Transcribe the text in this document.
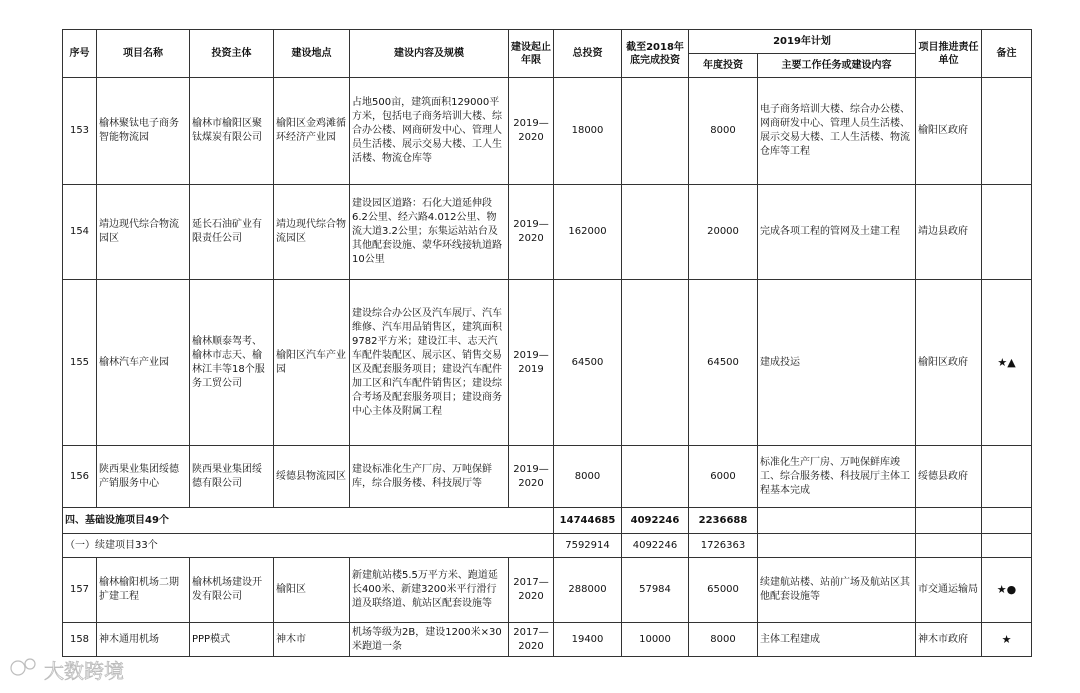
序号	项目名称	投资主体	建设地点	建设内容及规模	建设起止年限	总投资	截至2018年底完成投资	2019年计划		项目推进责任单位	备注
								年度投资	主要工作任务或建设内容		
153	榆林聚钛电子商务智能物流园	榆林市榆阳区聚钛煤炭有限公司	榆阳区金鸡滩循环经济产业园	占地500亩，建筑面积129000平方米，包括电子商务培训大楼、综合办公楼、网商研发中心、管理人员生活楼、展示交易大楼、工人生活楼、物流仓库等	2019—2020	18000		8000	电子商务培训大楼、综合办公楼、网商研发中心、管理人员生活楼、展示交易大楼、工人生活楼、物流仓库等工程	榆阳区政府	
154	靖边现代综合物流园区	延长石油矿业有限责任公司	靖边现代综合物流园区	建设园区道路：石化大道延伸段6.2公里、经六路4.012公里、物流大道3.2公里；东集运站站台及其他配套设施、蒙华环线接轨道路10公里	2019—2020	162000		20000	完成各项工程的管网及土建工程	靖边县政府	
155	榆林汽车产业园	榆林顺泰驾考、榆林市志天、榆林江丰等18个服务工贸公司	榆阳区汽车产业园	建设综合办公区及汽车展厅、汽车维修、汽车用品销售区，建筑面积9782平方米；建设江丰、志天汽车配件装配区、展示区、销售交易区及配套服务项目；建设汽车配件加工区和汽车配件销售区；建设综合考场及配套服务项目；建设商务中心主体及附属工程	2019—2019	64500		64500	建成投运	榆阳区政府	★▲
156	陕西果业集团绥德产销服务中心	陕西果业集团绥德有限公司	绥德县物流园区	建设标准化生产厂房、万吨保鲜库，综合服务楼、科技展厅等	2019—2020	8000		6000	标准化生产厂房、万吨保鲜库竣工、综合服务楼、科技展厅主体工程基本完成	绥德县政府	
四、基础设施项目49个						14744685	4092246	2236688			
（一）续建项目33个						7592914	4092246	1726363			
157	榆林榆阳机场二期扩建工程	榆林机场建设开发有限公司	榆阳区	新建航站楼5.5万平方米、跑道延长400米、新建3200米平行滑行道及联络道、航站区配套设施等	2017—2020	288000	57984	65000	续建航站楼、站前广场及航站区其他配套设施等	市交通运输局	★●
158	神木通用机场	PPP模式	神木市	机场等级为2B，建设1200米×30米跑道一条	2017—2020	19400	10000	8000	主体工程建成	神木市政府	★
大数跨境
